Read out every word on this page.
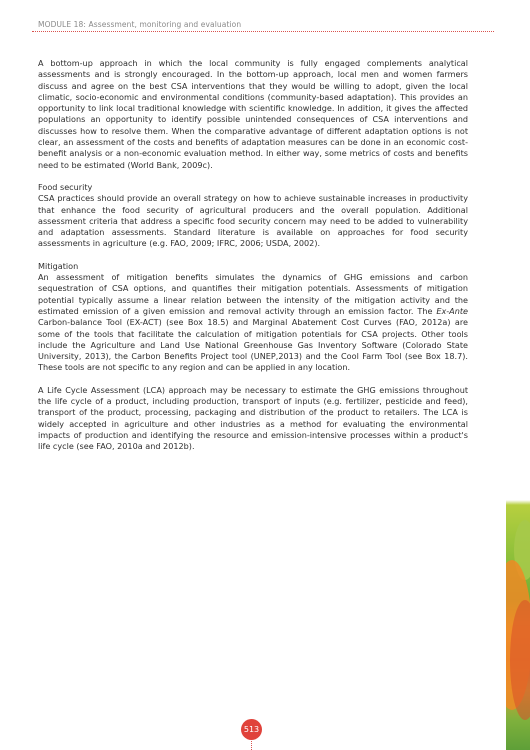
MODULE 18: Assessment, monitoring and evaluation

A bottom-up approach in which the local community is fully engaged complements analytical assessments and is strongly encouraged. In the bottom-up approach, local men and women farmers discuss and agree on the best CSA interventions that they would be willing to adopt, given the local climatic, socio-economic and environmental conditions (community-based adaptation). This provides an opportunity to link local traditional knowledge with scientific knowledge. In addition, it gives the affected populations an opportunity to identify possible unintended consequences of CSA interventions and discusses how to resolve them. When the comparative advantage of different adaptation options is not clear, an assessment of the costs and benefits of adaptation measures can be done in an economic cost-benefit analysis or a non-economic evaluation method. In either way, some metrics of costs and benefits need to be estimated (World Bank, 2009c).

Food security

CSA practices should provide an overall strategy on how to achieve sustainable increases in productivity that enhance the food security of agricultural producers and the overall population. Additional assessment criteria that address a specific food security concern may need to be added to vulnerability and adaptation assessments. Standard literature is available on approaches for food security assessments in agriculture (e.g. FAO, 2009; IFRC, 2006; USDA, 2002).

Mitigation

An assessment of mitigation benefits simulates the dynamics of GHG emissions and carbon sequestration of CSA options, and quantifies their mitigation potentials. Assessments of mitigation potential typically assume a linear relation between the intensity of the mitigation activity and the estimated emission of a given emission and removal activity through an emission factor. The Ex-Ante Carbon-balance Tool (EX-ACT) (see Box 18.5) and Marginal Abatement Cost Curves (FAO, 2012a) are some of the tools that facilitate the calculation of mitigation potentials for CSA projects. Other tools include the Agriculture and Land Use National Greenhouse Gas Inventory Software (Colorado State University, 2013), the Carbon Benefits Project tool (UNEP,2013) and the Cool Farm Tool (see Box 18.7). These tools are not specific to any region and can be applied in any location.

A Life Cycle Assessment (LCA) approach may be necessary to estimate the GHG emissions throughout the life cycle of a product, including production, transport of inputs (e.g. fertilizer, pesticide and feed), transport of the product, processing, packaging and distribution of the product to retailers. The LCA is widely accepted in agriculture and other industries as a method for evaluating the environmental impacts of production and identifying the resource and emission-intensive processes within a product's life cycle (see FAO, 2010a and 2012b).

513
